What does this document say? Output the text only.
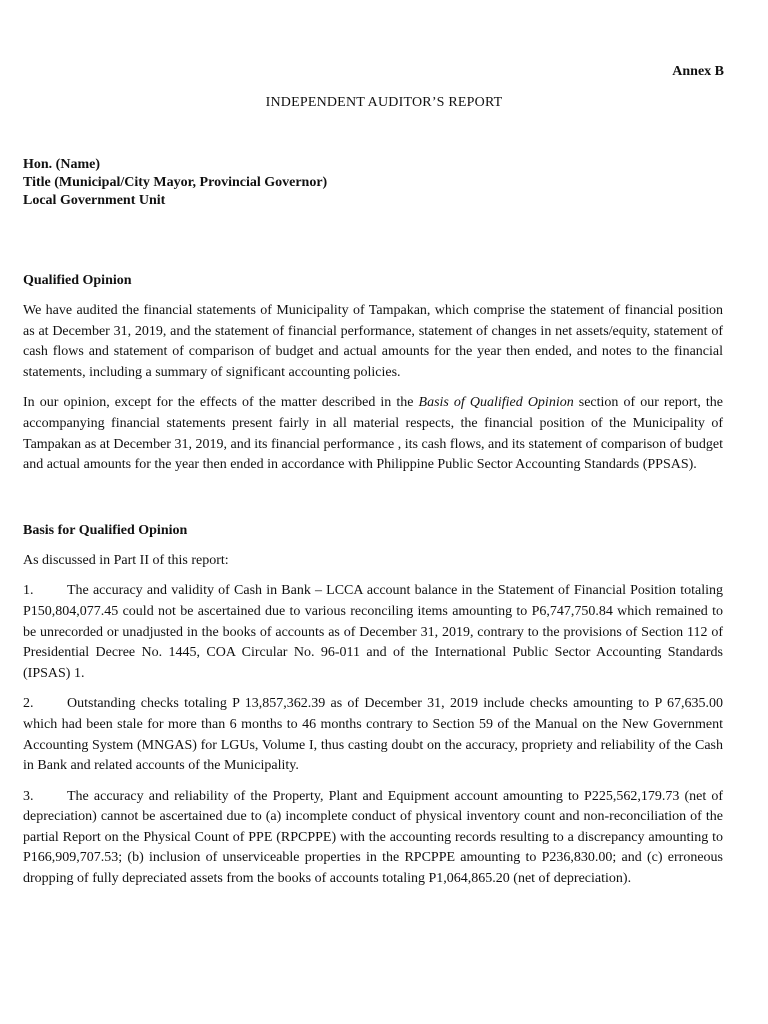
Annex B
INDEPENDENT AUDITOR’S REPORT
Hon. (Name)
Title (Municipal/City Mayor, Provincial Governor)
Local Government Unit
Qualified Opinion

We have audited the financial statements of Municipality of Tampakan, which comprise the statement of financial position as at December 31, 2019, and the statement of financial performance, statement of changes in net assets/equity, statement of cash flows and statement of comparison of budget and actual amounts for the year then ended, and notes to the financial statements, including a summary of significant accounting policies.

In our opinion, except for the effects of the matter described in the Basis of Qualified Opinion section of our report, the accompanying financial statements present fairly in all material respects, the financial position of the Municipality of Tampakan as at December 31, 2019, and its financial performance , its cash flows, and its statement of comparison of budget and actual amounts for the year then ended in accordance with Philippine Public Sector Accounting Standards (PPSAS).

Basis for Qualified Opinion

As discussed in Part II of this report:

1. The accuracy and validity of Cash in Bank – LCCA account balance in the Statement of Financial Position totaling P150,804,077.45 could not be ascertained due to various reconciling items amounting to P6,747,750.84 which remained to be unrecorded or unadjusted in the books of accounts as of December 31, 2019, contrary to the provisions of Section 112 of Presidential Decree No. 1445, COA Circular No. 96-011 and of the International Public Sector Accounting Standards (IPSAS) 1.

2. Outstanding checks totaling P 13,857,362.39 as of December 31, 2019 include checks amounting to P 67,635.00 which had been stale for more than 6 months to 46 months contrary to Section 59 of the Manual on the New Government Accounting System (MNGAS) for LGUs, Volume I, thus casting doubt on the accuracy, propriety and reliability of the Cash in Bank and related accounts of the Municipality.

3. The accuracy and reliability of the Property, Plant and Equipment account amounting to P225,562,179.73 (net of depreciation) cannot be ascertained due to (a) incomplete conduct of physical inventory count and non-reconciliation of the partial Report on the Physical Count of PPE (RPCPPE) with the accounting records resulting to a discrepancy amounting to P166,909,707.53; (b) inclusion of unserviceable properties in the RPCPPE amounting to P236,830.00; and (c) erroneous dropping of fully depreciated assets from the books of accounts totaling P1,064,865.20 (net of depreciation).
